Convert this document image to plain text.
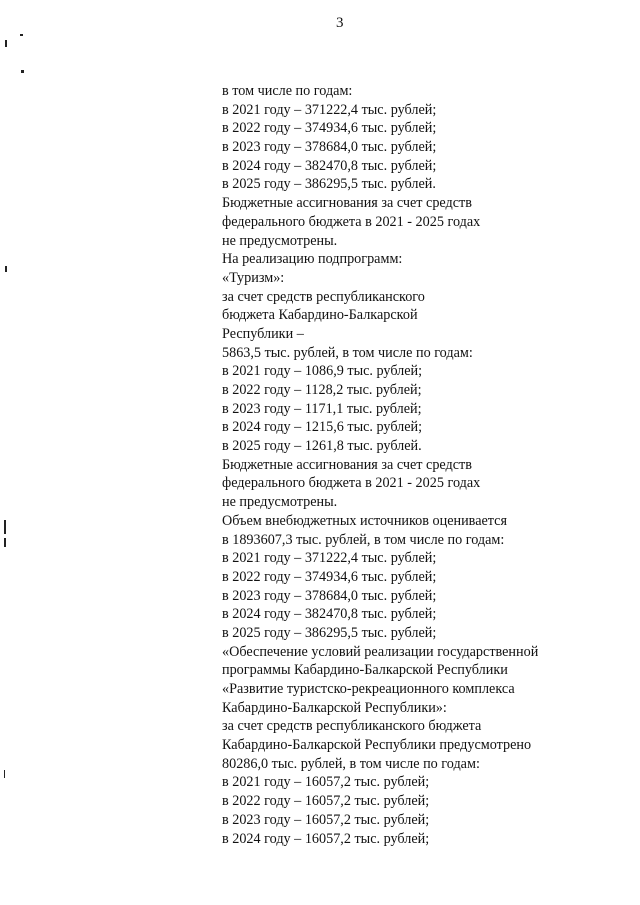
3
в том числе по годам:
в 2021 году – 371222,4 тыс. рублей;
в 2022 году – 374934,6 тыс. рублей;
в 2023 году – 378684,0 тыс. рублей;
в 2024 году – 382470,8 тыс. рублей;
в 2025 году – 386295,5 тыс. рублей.
Бюджетные ассигнования за счет средств
федерального бюджета в 2021 - 2025 годах
не предусмотрены.
На реализацию подпрограмм:
«Туризм»:
за счет средств республиканского
бюджета Кабардино-Балкарской
Республики –
5863,5 тыс. рублей, в том числе по годам:
в 2021 году – 1086,9 тыс. рублей;
в 2022 году – 1128,2 тыс. рублей;
в 2023 году – 1171,1 тыс. рублей;
в 2024 году – 1215,6 тыс. рублей;
в 2025 году – 1261,8 тыс. рублей.
Бюджетные ассигнования за счет средств
федерального бюджета в 2021 - 2025 годах
не предусмотрены.
Объем внебюджетных источников оценивается
в 1893607,3 тыс. рублей, в том числе по годам:
в 2021 году – 371222,4 тыс. рублей;
в 2022 году – 374934,6 тыс. рублей;
в 2023 году – 378684,0 тыс. рублей;
в 2024 году – 382470,8 тыс. рублей;
в 2025 году – 386295,5 тыс. рублей;
«Обеспечение условий реализации государственной
программы Кабардино-Балкарской Республики
«Развитие туристско-рекреационного комплекса
Кабардино-Балкарской Республики»:
за счет средств республиканского бюджета
Кабардино-Балкарской Республики предусмотрено
80286,0 тыс. рублей, в том числе по годам:
в 2021 году – 16057,2 тыс. рублей;
в 2022 году – 16057,2 тыс. рублей;
в 2023 году – 16057,2 тыс. рублей;
в 2024 году – 16057,2 тыс. рублей;
